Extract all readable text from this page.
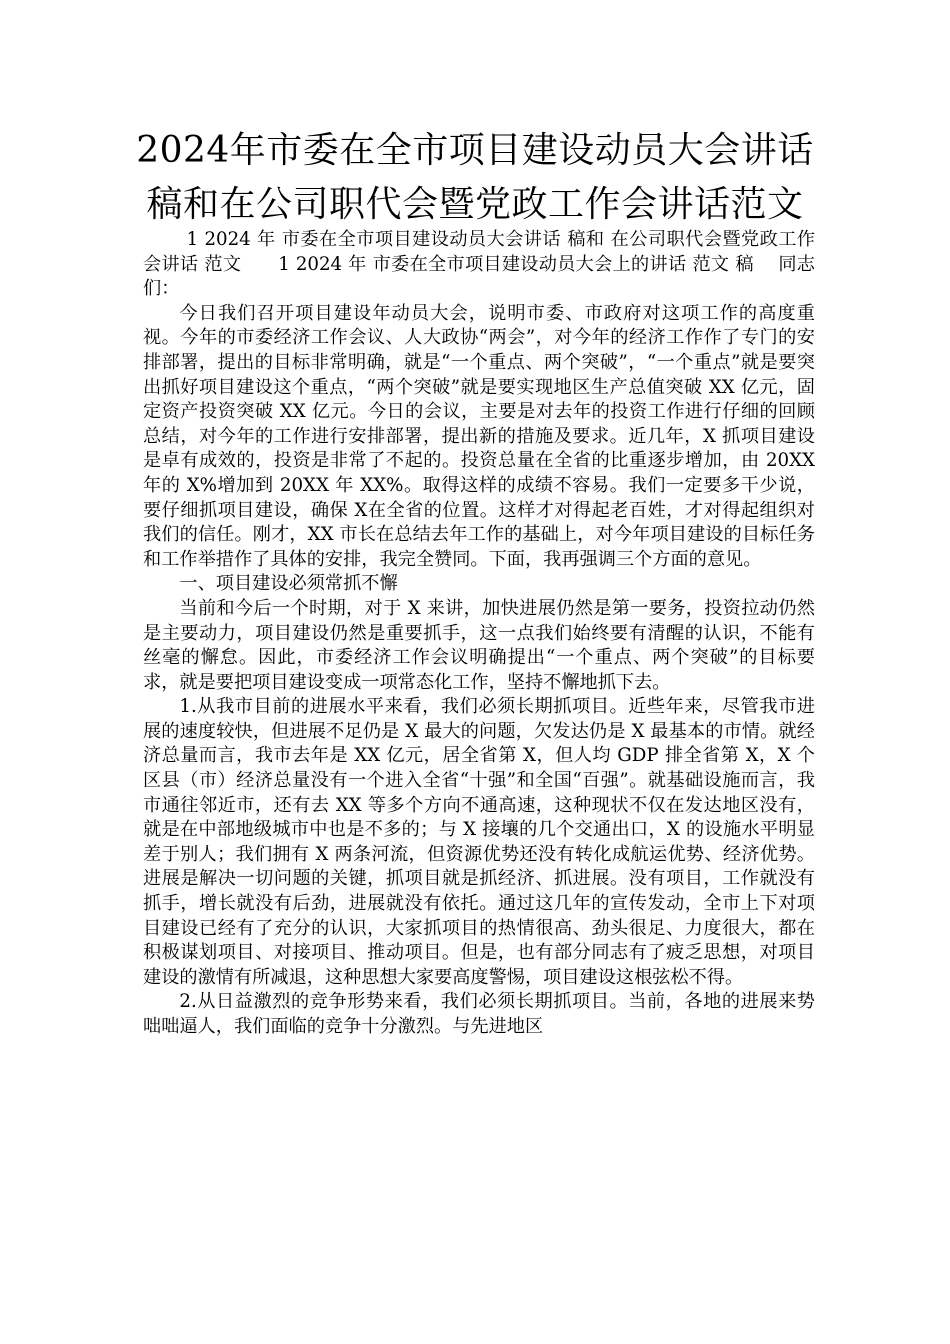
2024年市委在全市项目建设动员大会讲话
稿和在公司职代会暨党政工作会讲话范文

1 2024 年 市委在全市项目建设动员大会讲话 稿和 在公司职代会暨党政工作会讲话 范文　　1 2024 年 市委在全市项目建设动员大会上的讲话 范文 稿　 同志们：

今日我们召开项目建设年动员大会，说明市委、市政府对这项工作的高度重视。今年的市委经济工作会议、人大政协“两会”，对今年的经济工作作了专门的安排部署，提出的目标非常明确，就是“一个重点、两个突破”，“一个重点”就是要突出抓好项目建设这个重点，“两个突破”就是要实现地区生产总值突破 XX 亿元，固定资产投资突破 XX 亿元。今日的会议，主要是对去年的投资工作进行仔细的回顾总结，对今年的工作进行安排部署，提出新的措施及要求。近几年，X 抓项目建设是卓有成效的，投资是非常了不起的。投资总量在全省的比重逐步增加，由 20XX 年的 X%增加到 20XX 年 XX%。取得这样的成绩不容易。我们一定要多干少说，要仔细抓项目建设，确保 X在全省的位置。这样才对得起老百姓，才对得起组织对我们的信任。刚才，XX 市长在总结去年工作的基础上，对今年项目建设的目标任务和工作举措作了具体的安排，我完全赞同。下面，我再强调三个方面的意见。

一、项目建设必须常抓不懈

当前和今后一个时期，对于 X 来讲，加快进展仍然是第一要务，投资拉动仍然是主要动力，项目建设仍然是重要抓手，这一点我们始终要有清醒的认识，不能有丝毫的懈怠。因此，市委经济工作会议明确提出“一个重点、两个突破”的目标要求，就是要把项目建设变成一项常态化工作，坚持不懈地抓下去。

1.从我市目前的进展水平来看，我们必须长期抓项目。近些年来，尽管我市进展的速度较快，但进展不足仍是 X 最大的问题，欠发达仍是 X 最基本的市情。就经济总量而言，我市去年是 XX 亿元，居全省第 X，但人均 GDP 排全省第 X，X 个区县（市）经济总量没有一个进入全省“十强”和全国“百强”。就基础设施而言，我市通往邻近市，还有去 XX 等多个方向不通高速，这种现状不仅在发达地区没有，就是在中部地级城市中也是不多的；与 X 接壤的几个交通出口，X 的设施水平明显差于别人；我们拥有 X 两条河流，但资源优势还没有转化成航运优势、经济优势。进展是解决一切问题的关键，抓项目就是抓经济、抓进展。没有项目，工作就没有抓手，增长就没有后劲，进展就没有依托。通过这几年的宣传发动，全市上下对项目建设已经有了充分的认识，大家抓项目的热情很高、劲头很足、力度很大，都在积极谋划项目、对接项目、推动项目。但是，也有部分同志有了疲乏思想，对项目建设的激情有所减退，这种思想大家要高度警惕，项目建设这根弦松不得。

2.从日益激烈的竞争形势来看，我们必须长期抓项目。当前，各地的进展来势咄咄逼人，我们面临的竞争十分激烈。与先进地区
